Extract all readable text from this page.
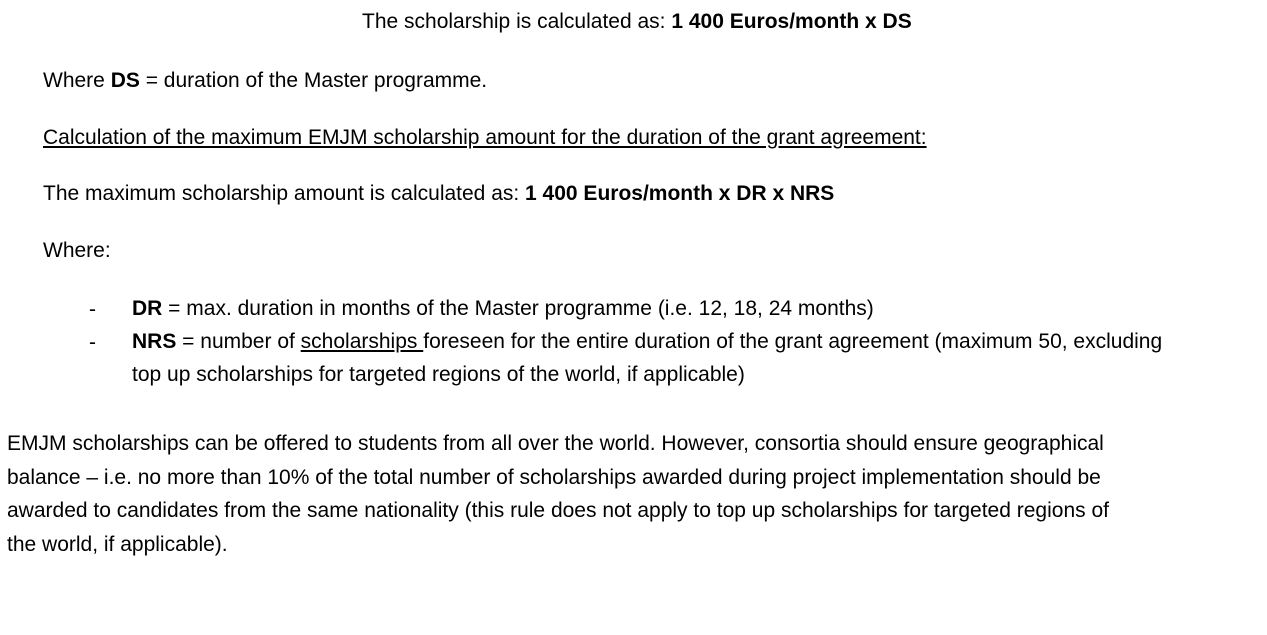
The scholarship is calculated as: 1 400 Euros/month x DS
Where DS = duration of the Master programme.
Calculation of the maximum EMJM scholarship amount for the duration of the grant agreement:
The maximum scholarship amount is calculated as: 1 400 Euros/month x DR x NRS
Where:
- DR = max. duration in months of the Master programme (i.e. 12, 18, 24 months)
- NRS = number of scholarships foreseen for the entire duration of the grant agreement (maximum 50, excluding
top up scholarships for targeted regions of the world, if applicable)
EMJM scholarships can be offered to students from all over the world. However, consortia should ensure geographical
balance – i.e. no more than 10% of the total number of scholarships awarded during project implementation should be
awarded to candidates from the same nationality (this rule does not apply to top up scholarships for targeted regions of
the world, if applicable).
